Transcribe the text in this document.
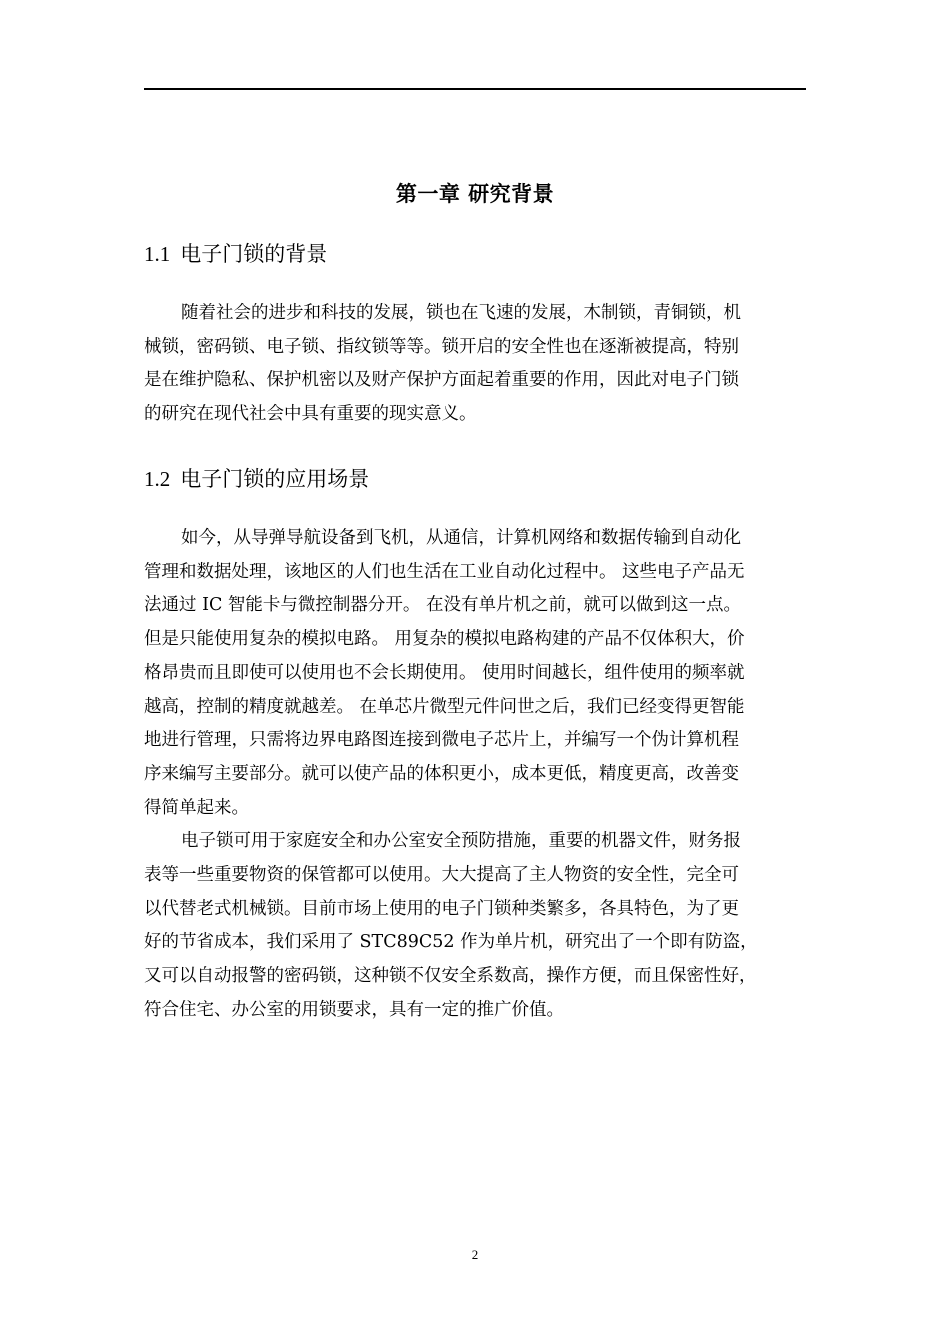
第一章 研究背景
1.1 电子门锁的背景
随着社会的进步和科技的发展，锁也在飞速的发展，木制锁，青铜锁，机
械锁，密码锁、电子锁、指纹锁等等。锁开启的安全性也在逐渐被提高，特别
是在维护隐私、保护机密以及财产保护方面起着重要的作用，因此对电子门锁
的研究在现代社会中具有重要的现实意义。
1.2 电子门锁的应用场景
如今，从导弹导航设备到飞机，从通信，计算机网络和数据传输到自动化
管理和数据处理，该地区的人们也生活在工业自动化过程中。 这些电子产品无
法通过 IC 智能卡与微控制器分开。 在没有单片机之前，就可以做到这一点。
但是只能使用复杂的模拟电路。 用复杂的模拟电路构建的产品不仅体积大，价
格昂贵而且即使可以使用也不会长期使用。 使用时间越长，组件使用的频率就
越高，控制的精度就越差。 在单芯片微型元件问世之后，我们已经变得更智能
地进行管理，只需将边界电路图连接到微电子芯片上，并编写一个伪计算机程
序来编写主要部分。就可以使产品的体积更小，成本更低，精度更高，改善变
得简单起来。
电子锁可用于家庭安全和办公室安全预防措施，重要的机器文件，财务报
表等一些重要物资的保管都可以使用。大大提高了主人物资的安全性，完全可
以代替老式机械锁。目前市场上使用的电子门锁种类繁多，各具特色，为了更
好的节省成本，我们采用了 STC89C52 作为单片机，研究出了一个即有防盗，
又可以自动报警的密码锁，这种锁不仅安全系数高，操作方便，而且保密性好，
符合住宅、办公室的用锁要求，具有一定的推广价值。
2
